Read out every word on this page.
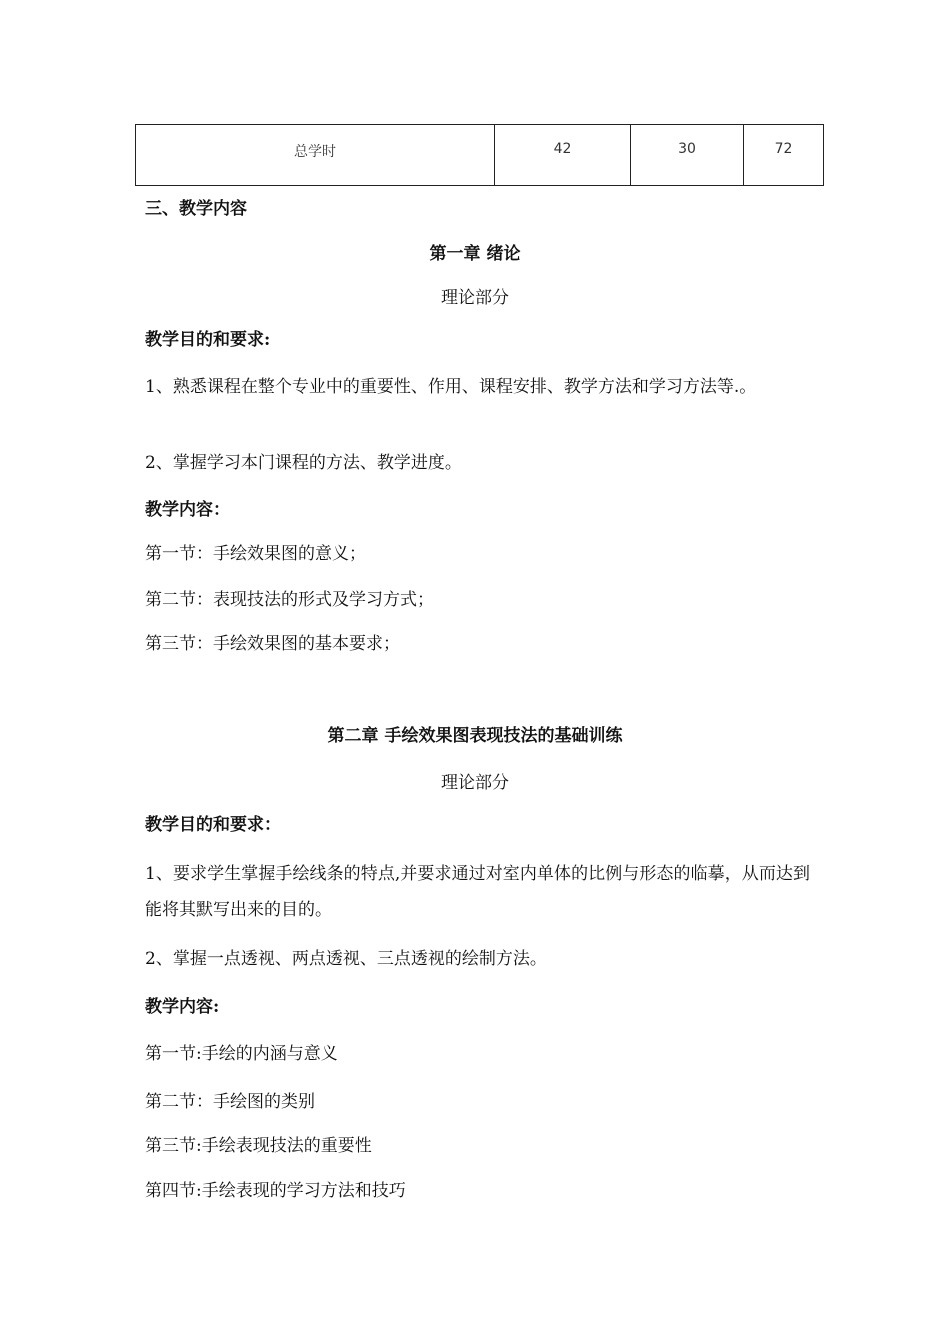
总学时	42	30	72
三、教学内容
第一章 绪论
理论部分
教学目的和要求:
1、熟悉课程在整个专业中的重要性、作用、课程安排、教学方法和学习方法等.。
2、掌握学习本门课程的方法、教学进度。
教学内容：
第一节：手绘效果图的意义；
第二节：表现技法的形式及学习方式；
第三节：手绘效果图的基本要求；
第二章 手绘效果图表现技法的基础训练
理论部分
教学目的和要求：
1、要求学生掌握手绘线条的特点,并要求通过对室内单体的比例与形态的临摹，从而达到能将其默写出来的目的。
2、掌握一点透视、两点透视、三点透视的绘制方法。
教学内容:
第一节:手绘的内涵与意义
第二节：手绘图的类别
第三节:手绘表现技法的重要性
第四节:手绘表现的学习方法和技巧
